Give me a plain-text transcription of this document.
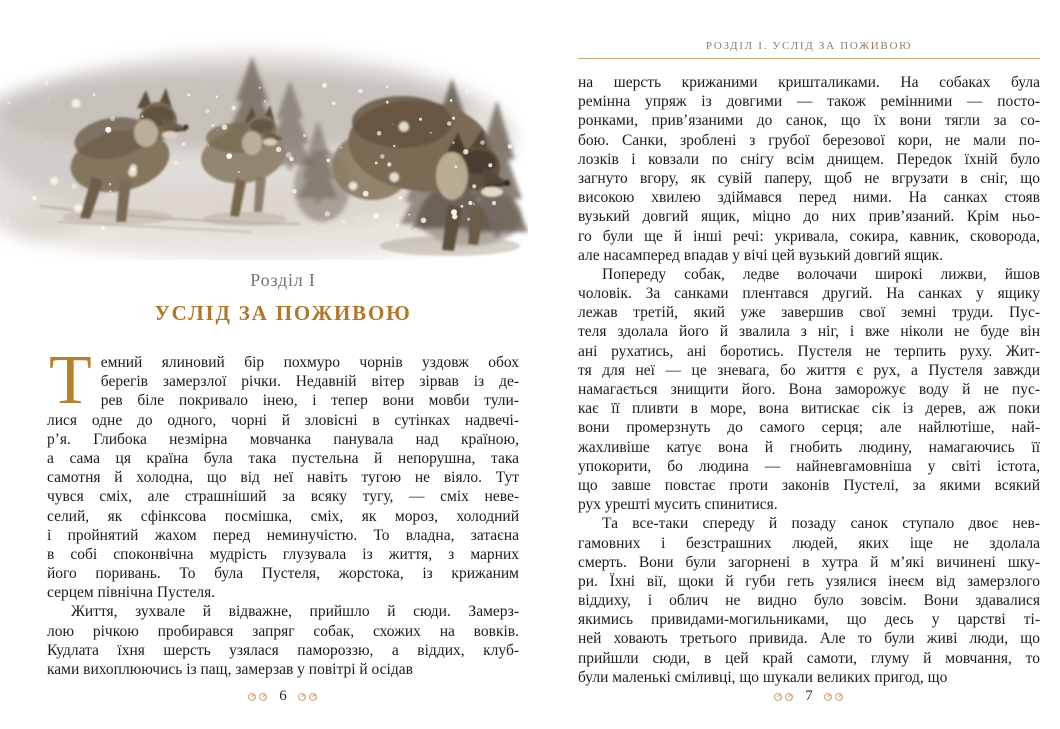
Розділ I
УСЛІД ЗА ПОЖИВОЮ
Т емний ялиновий бір похмуро чорнів уздовж обох
берегів замерзлої річки. Недавній вітер зірвав із де-
рев біле покривало інею, і тепер вони мовби тули-
лися одне до одного, чорні й зловісні в сутінках надвечі-
р’я. Глибока незмірна мовчанка панувала над країною,
а сама ця країна була така пустельна й непорушна, така
самотня й холодна, що від неї навіть тугою не віяло. Тут
чувся сміх, але страшніший за всяку тугу, — сміх неве-
селий, як сфінксова посмішка, сміх, як мороз, холодний
і пройнятий жахом перед неминучістю. То владна, затаєна
в собі споконвічна мудрість глузувала із життя, з марних
його поривань. То була Пустеля, жорстока, із крижаним
серцем північна Пустеля.
Життя, зухвале й відважне, прийшло й сюди. Замерз-
лою річкою пробирався запряг собак, схожих на вовків.
Кудлата їхня шерсть узялася памороззю, а віддих, клуб-
ками вихоплюючись із пащ, замерзав у повітрі й осідав
6
РОЗДІЛ І. УСЛІД ЗА ПОЖИВОЮ
на шерсть крижаними кришталиками. На собаках була
ремінна упряж із довгими — також ремінними — посто-
ронками, прив’язаними до санок, що їх вони тягли за со-
бою. Санки, зроблені з грубої березової кори, не мали по-
лозків і ковзали по снігу всім днищем. Передок їхній було
загнуто вгору, як сувій паперу, щоб не вгрузати в сніг, що
високою хвилею здіймався перед ними. На санках стояв
вузький довгий ящик, міцно до них прив’язаний. Крім ньо-
го були ще й інші речі: укривала, сокира, кавник, сковорода,
але насамперед впадав у вічі цей вузький довгий ящик.
Попереду собак, ледве волочачи широкі лижви, йшов
чоловік. За санками плентався другий. На санках у ящику
лежав третій, який уже завершив свої земні труди. Пус-
теля здолала його й звалила з ніг, і вже ніколи не буде він
ані рухатись, ані боротись. Пустеля не терпить руху. Жит-
тя для неї — це зневага, бо життя є рух, а Пустеля завжди
намагається знищити його. Вона заморожує воду й не пус-
кає її пливти в море, вона витискає сік із дерев, аж поки
вони промерзнуть до самого серця; але найлютіше, най-
жахливіше катує вона й гнобить людину, намагаючись її
упокорити, бо людина — найневгамовніша у світі істота,
що завше повстає проти законів Пустелі, за якими всякий
рух урешті мусить спинитися.
Та все-таки спереду й позаду санок ступало двоє нев-
гамовних і безстрашних людей, яких іще не здолала
смерть. Вони були загорнені в хутра й м’які вичинені шку-
ри. Їхні вії, щоки й губи геть узялися інеєм від замерзлого
віддиху, і облич не видно було зовсім. Вони здавалися
якимись привидами-могильниками, що десь у царстві ті-
ней ховають третього привида. Але то були живі люди, що
прийшли сюди, в цей край самоти, глуму й мовчання, то
були маленькі сміливці, що шукали великих пригод, що
7
